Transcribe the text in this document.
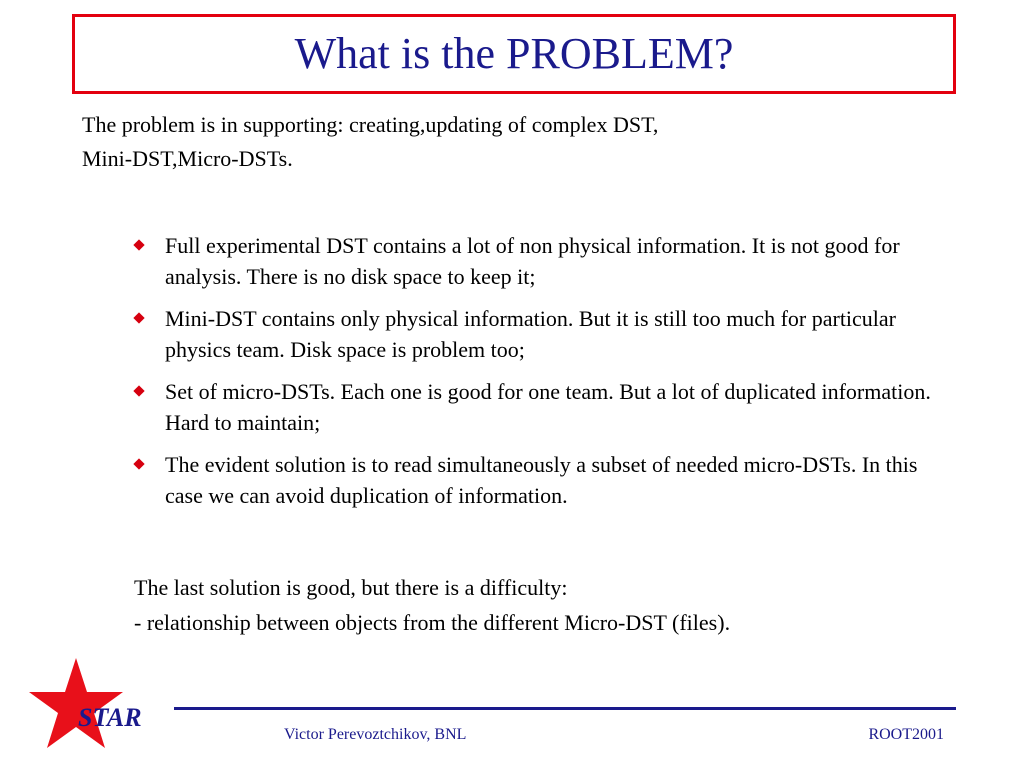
What is the PROBLEM?

The problem is in supporting: creating,updating of complex DST,

Mini-DST,Micro-DSTs.

Full experimental DST contains a lot of non physical information. It is not good for analysis. There is no disk space to keep it;
Mini-DST contains only physical information. But it is still too much for particular physics team. Disk space is problem too;
Set of micro-DSTs. Each one is good for one team. But a lot of duplicated information. Hard to maintain;
The evident solution is to read simultaneously a subset of needed micro-DSTs. In this case we can avoid duplication of information.

The last solution is good, but there is a difficulty:

- relationship between objects from the different Micro-DST (files).

STAR
Victor Perevoztchikov, BNL	ROOT2001
